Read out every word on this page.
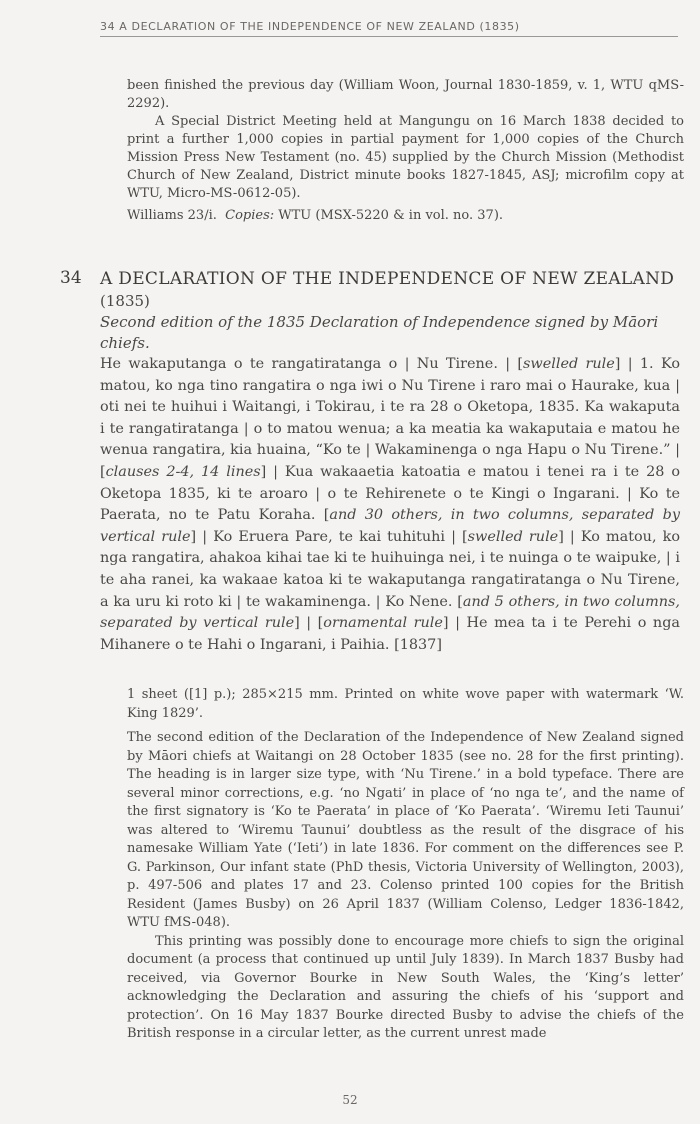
34 A DECLARATION OF THE INDEPENDENCE OF NEW ZEALAND (1835)

been finished the previous day (William Woon, Journal 1830-1859, v. 1, WTU qMS-2292).

A Special District Meeting held at Mangungu on 16 March 1838 decided to print a further 1,000 copies in partial payment for 1,000 copies of the Church Mission Press New Testament (no. 45) supplied by the Church Mission (Methodist Church of New Zealand, District minute books 1827-1845, ASJ; microfilm copy at WTU, Micro-MS-0612-05).

Williams 23/i. Copies: WTU (MSX-5220 & in vol. no. 37).

34 A DECLARATION OF THE INDEPENDENCE OF NEW ZEALAND
(1835)
Second edition of the 1835 Declaration of Independence signed by Māori chiefs.
He wakaputanga o te rangatiratanga o | Nu Tirene. | [swelled rule] | 1. Ko matou, ko nga tino rangatira o nga iwi o Nu Tirene i raro mai o Haurake, kua | oti nei te huihui i Waitangi, i Tokirau, i te ra 28 o Oketopa, 1835. Ka wakaputa i te rangatiratanga | o to matou wenua; a ka meatia ka wakaputaia e matou he wenua rangatira, kia huaina, “Ko te | Wakaminenga o nga Hapu o Nu Tirene.” | [clauses 2-4, 14 lines] | Kua wakaaetia katoatia e matou i tenei ra i te 28 o Oketopa 1835, ki te aroaro | o te Rehirenete o te Kingi o Ingarani. | Ko te Paerata, no te Patu Koraha. [and 30 others, in two columns, separated by vertical rule] | Ko Eruera Pare, te kai tuhituhi | [swelled rule] | Ko matou, ko nga rangatira, ahakoa kihai tae ki te huihuinga nei, i te nuinga o te waipuke, | i te aha ranei, ka wakaae katoa ki te wakaputanga rangatiratanga o Nu Tirene, a ka uru ki roto ki | te wakaminenga. | Ko Nene. [and 5 others, in two columns, separated by vertical rule] | [ornamental rule] | He mea ta i te Perehi o nga Mihanere o te Hahi o Ingarani, i Paihia. [1837]

1 sheet ([1] p.); 285×215 mm. Printed on white wove paper with watermark ‘W. King 1829’.

The second edition of the Declaration of the Independence of New Zealand signed by Māori chiefs at Waitangi on 28 October 1835 (see no. 28 for the first printing). The heading is in larger size type, with ‘Nu Tirene.’ in a bold typeface. There are several minor corrections, e.g. ‘no Ngati’ in place of ‘no nga te’, and the name of the first signatory is ‘Ko te Paerata’ in place of ‘Ko Paerata’. ‘Wiremu Ieti Taunui’ was altered to ‘Wiremu Taunui’ doubtless as the result of the disgrace of his namesake William Yate (‘Ieti’) in late 1836. For comment on the differences see P. G. Parkinson, Our infant state (PhD thesis, Victoria University of Wellington, 2003), p. 497-506 and plates 17 and 23. Colenso printed 100 copies for the British Resident (James Busby) on 26 April 1837 (William Colenso, Ledger 1836-1842, WTU fMS-048).

This printing was possibly done to encourage more chiefs to sign the original document (a process that continued up until July 1839). In March 1837 Busby had received, via Governor Bourke in New South Wales, the ‘King’s letter’ acknowledging the Declaration and assuring the chiefs of his ‘support and protection’. On 16 May 1837 Bourke directed Busby to advise the chiefs of the British response in a circular letter, as the current unrest made

52
